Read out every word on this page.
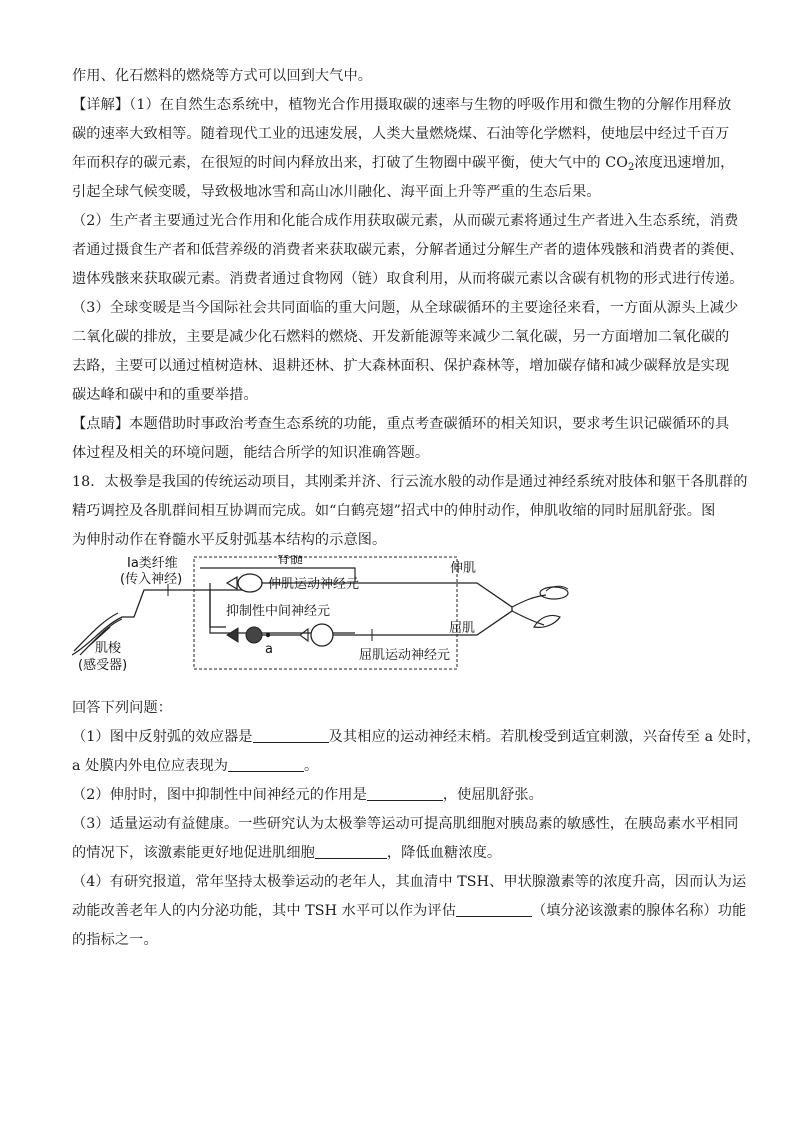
作用、化石燃料的燃烧等方式可以回到大气中。
【详解】（1）在自然生态系统中，植物光合作用摄取碳的速率与生物的呼吸作用和微生物的分解作用释放
碳的速率大致相等。随着现代工业的迅速发展，人类大量燃烧煤、石油等化学燃料，使地层中经过千百万
年而积存的碳元素，在很短的时间内释放出来，打破了生物圈中碳平衡，使大气中的 $CO_2$浓度迅速增加，
引起全球气候变暖，导致极地冰雪和高山冰川融化、海平面上升等严重的生态后果。
（2）生产者主要通过光合作用和化能合成作用获取碳元素，从而碳元素将通过生产者进入生态系统，消费
者通过摄食生产者和低营养级的消费者来获取碳元素，分解者通过分解生产者的遗体残骸和消费者的粪便、
遗体残骸来获取碳元素。消费者通过食物网（链）取食利用，从而将碳元素以含碳有机物的形式进行传递。
（3）全球变暖是当今国际社会共同面临的重大问题，从全球碳循环的主要途径来看，一方面从源头上减少
二氧化碳的排放，主要是减少化石燃料的燃烧、开发新能源等来减少二氧化碳，另一方面增加二氧化碳的
去路，主要可以通过植树造林、退耕还林、扩大森林面积、保护森林等，增加碳存储和减少碳释放是实现
碳达峰和碳中和的重要举措。
【点睛】本题借助时事政治考查生态系统的功能，重点考查碳循环的相关知识，要求考生识记碳循环的具
体过程及相关的环境问题，能结合所学的知识准确答题。
18．太极拳是我国的传统运动项目，其刚柔并济、行云流水般的动作是通过神经系统对肢体和躯干各肌群的
精巧调控及各肌群间相互协调而完成。如“白鹤亮翅”招式中的伸肘动作，伸肌收缩的同时屈肌舒张。图
为伸肘动作在脊髓水平反射弧基本结构的示意图。
Ⅰa类纤维
(传入神经)
脊髓
伸肌运动神经元
抑制性中间神经元
a
伸肌
屈肌
屈肌运动神经元
肌梭
(感受器)
回答下列问题：
（1）图中反射弧的效应器是	及其相应的运动神经末梢。若肌梭受到适宜刺激，兴奋传至 a 处时，
a 处膜内外电位应表现为	。
（2）伸肘时，图中抑制性中间神经元的作用是	，使屈肌舒张。
（3）适量运动有益健康。一些研究认为太极拳等运动可提高肌细胞对胰岛素的敏感性，在胰岛素水平相同
的情况下，该激素能更好地促进肌细胞	，降低血糖浓度。
（4）有研究报道，常年坚持太极拳运动的老年人，其血清中 TSH、甲状腺激素等的浓度升高，因而认为运
动能改善老年人的内分泌功能，其中 TSH 水平可以作为评估	（填分泌该激素的腺体名称）功能
的指标之一。
